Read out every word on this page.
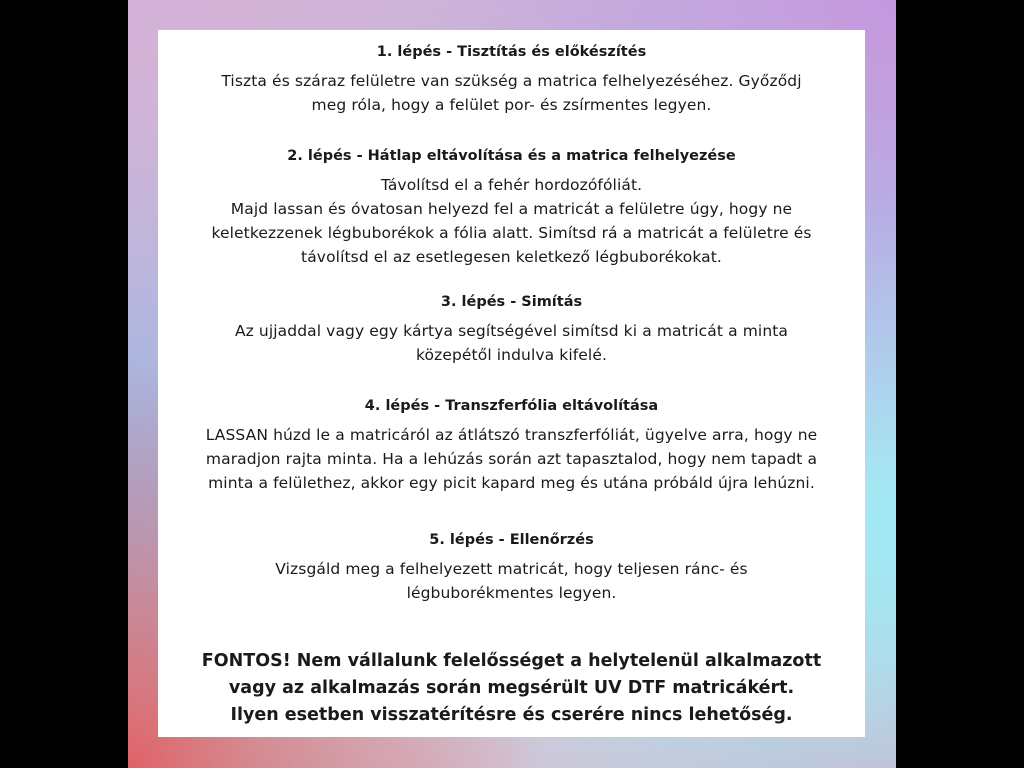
1. lépés - Tisztítás és előkészítés
Tiszta és száraz felületre van szükség a matrica felhelyezéséhez. Győződj
meg róla, hogy a felület por- és zsírmentes legyen.
2. lépés - Hátlap eltávolítása és a matrica felhelyezése
Távolítsd el a fehér hordozófóliát.
Majd lassan és óvatosan helyezd fel a matricát a felületre úgy, hogy ne
keletkezzenek légbuborékok a fólia alatt. Simítsd rá a matricát a felületre és
távolítsd el az esetlegesen keletkező légbuborékokat.
3. lépés - Simítás
Az ujjaddal vagy egy kártya segítségével simítsd ki a matricát a minta
közepétől indulva kifelé.
4. lépés - Transzferfólia eltávolítása
LASSAN húzd le a matricáról az átlátszó transzferfóliát, ügyelve arra, hogy ne
maradjon rajta minta. Ha a lehúzás során azt tapasztalod, hogy nem tapadt a
minta a felülethez, akkor egy picit kapard meg és utána próbáld újra lehúzni.
5. lépés - Ellenőrzés
Vizsgáld meg a felhelyezett matricát, hogy teljesen ránc- és
légbuborékmentes legyen.
FONTOS! Nem vállalunk felelősséget a helytelenül alkalmazott
vagy az alkalmazás során megsérült UV DTF matricákért.
Ilyen esetben visszatérítésre és cserére nincs lehetőség.
